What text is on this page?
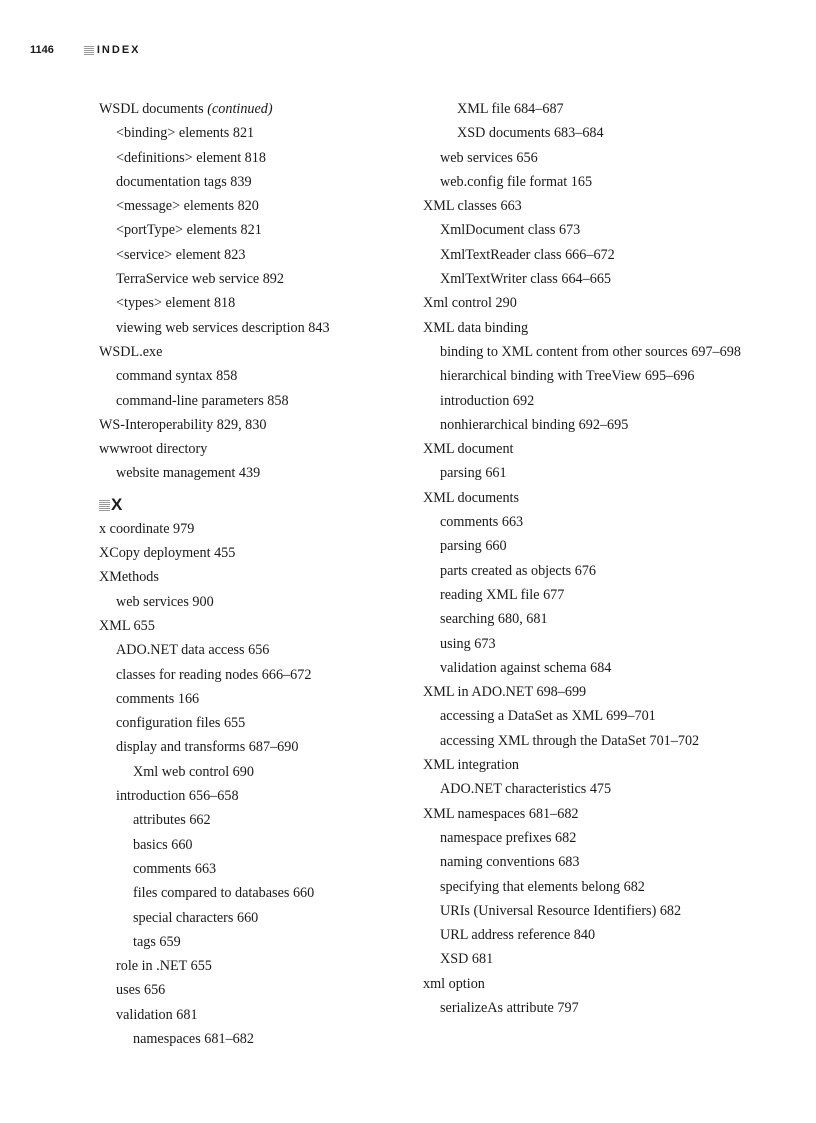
1146	INDEX
WSDL documents (continued)
<binding> elements 821
<definitions> element 818
documentation tags 839
<message> elements 820
<portType> elements 821
<service> element 823
TerraService web service 892
<types> element 818
viewing web services description 843
WSDL.exe
command syntax 858
command-line parameters 858
WS-Interoperability 829, 830
wwwroot directory
website management 439
X
x coordinate 979
XCopy deployment 455
XMethods
web services 900
XML 655
ADO.NET data access 656
classes for reading nodes 666–672
comments 166
configuration files 655
display and transforms 687–690
Xml web control 690
introduction 656–658
attributes 662
basics 660
comments 663
files compared to databases 660
special characters 660
tags 659
role in .NET 655
uses 656
validation 681
namespaces 681–682
XML file 684–687
XSD documents 683–684
web services 656
web.config file format 165
XML classes 663
XmlDocument class 673
XmlTextReader class 666–672
XmlTextWriter class 664–665
Xml control 290
XML data binding
binding to XML content from other sources 697–698
hierarchical binding with TreeView 695–696
introduction 692
nonhierarchical binding 692–695
XML document
parsing 661
XML documents
comments 663
parsing 660
parts created as objects 676
reading XML file 677
searching 680, 681
using 673
validation against schema 684
XML in ADO.NET 698–699
accessing a DataSet as XML 699–701
accessing XML through the DataSet 701–702
XML integration
ADO.NET characteristics 475
XML namespaces 681–682
namespace prefixes 682
naming conventions 683
specifying that elements belong 682
URIs (Universal Resource Identifiers) 682
URL address reference 840
XSD 681
xml option
serializeAs attribute 797
